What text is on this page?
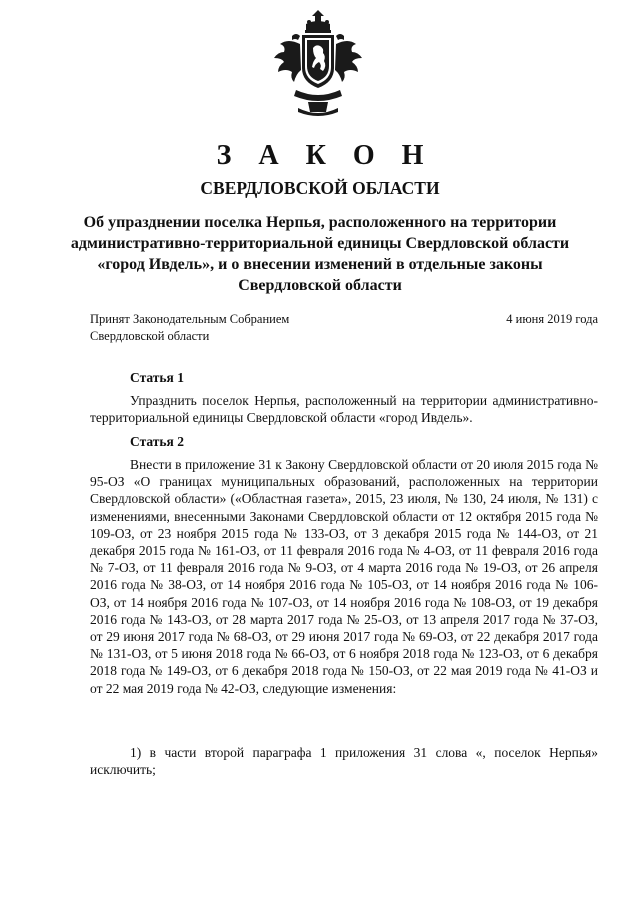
З А К О Н
СВЕРДЛОВСКОЙ ОБЛАСТИ
Об упразднении поселка Нерпья, расположенного на территории административно-территориальной единицы Свердловской области «город Ивдель», и о внесении изменений в отдельные законы Свердловской области
Принят Законодательным Собранием Свердловской области
4 июня 2019 года
Статья 1
Упразднить поселок Нерпья, расположенный на территории административно-территориальной единицы Свердловской области «город Ивдель».
Статья 2
Внести в приложение 31 к Закону Свердловской области от 20 июля 2015 года № 95-ОЗ «О границах муниципальных образований, расположенных на территории Свердловской области» («Областная газета», 2015, 23 июля, № 130, 24 июля, № 131) с изменениями, внесенными Законами Свердловской области от 12 октября 2015 года № 109-ОЗ, от 23 ноября 2015 года № 133-ОЗ, от 3 декабря 2015 года № 144-ОЗ, от 21 декабря 2015 года № 161-ОЗ, от 11 февраля 2016 года № 4-ОЗ, от 11 февраля 2016 года № 7-ОЗ, от 11 февраля 2016 года № 9-ОЗ, от 4 марта 2016 года № 19-ОЗ, от 26 апреля 2016 года № 38-ОЗ, от 14 ноября 2016 года № 105-ОЗ, от 14 ноября 2016 года № 106-ОЗ, от 14 ноября 2016 года № 107-ОЗ, от 14 ноября 2016 года № 108-ОЗ, от 19 декабря 2016 года № 143-ОЗ, от 28 марта 2017 года № 25-ОЗ, от 13 апреля 2017 года № 37-ОЗ, от 29 июня 2017 года № 68-ОЗ, от 29 июня 2017 года № 69-ОЗ, от 22 декабря 2017 года № 131-ОЗ, от 5 июня 2018 года № 66-ОЗ, от 6 ноября 2018 года № 123-ОЗ, от 6 декабря 2018 года № 149-ОЗ, от 6 декабря 2018 года № 150-ОЗ, от 22 мая 2019 года № 41-ОЗ и от 22 мая 2019 года № 42-ОЗ, следующие изменения:
1) в части второй параграфа 1 приложения 31 слова «, поселок Нерпья» исключить;
